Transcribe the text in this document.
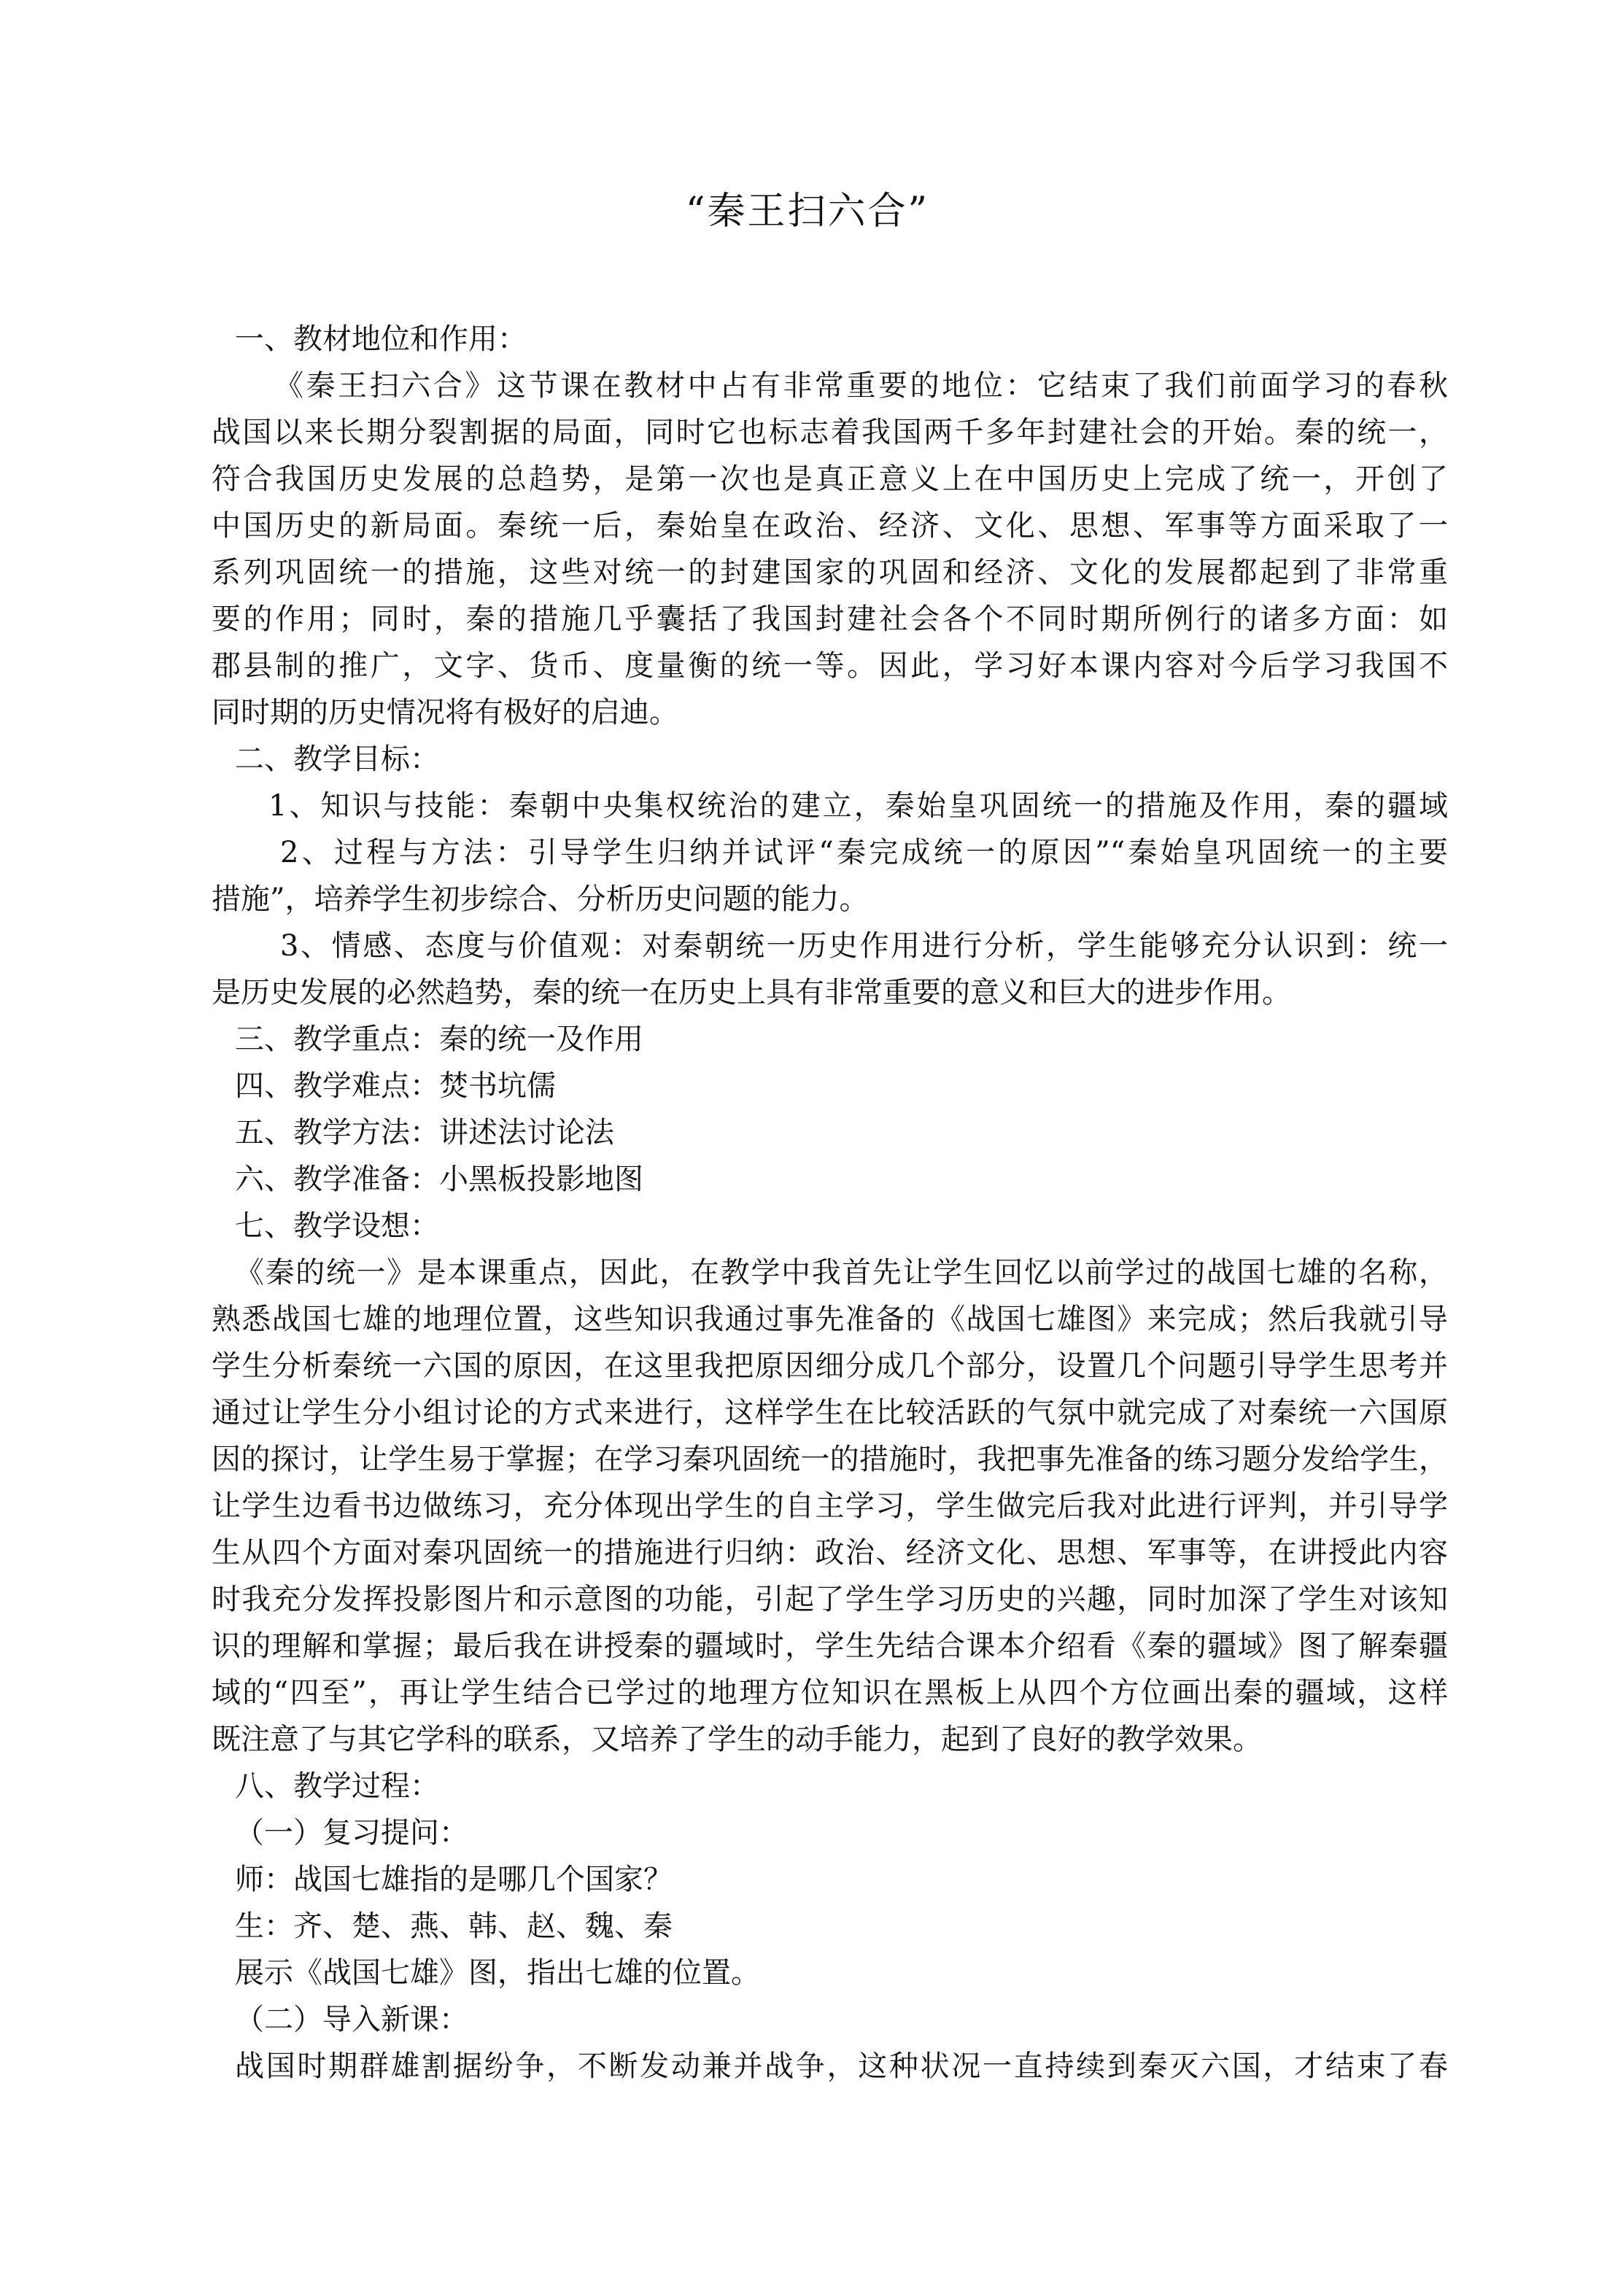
“秦王扫六合”
一、教材地位和作用：
《秦王扫六合》这节课在教材中占有非常重要的地位：它结束了我们前面学习的春秋
战国以来长期分裂割据的局面，同时它也标志着我国两千多年封建社会的开始。秦的统一，
符合我国历史发展的总趋势，是第一次也是真正意义上在中国历史上完成了统一，开创了
中国历史的新局面。秦统一后，秦始皇在政治、经济、文化、思想、军事等方面采取了一
系列巩固统一的措施，这些对统一的封建国家的巩固和经济、文化的发展都起到了非常重
要的作用；同时，秦的措施几乎囊括了我国封建社会各个不同时期所例行的诸多方面：如
郡县制的推广，文字、货币、度量衡的统一等。因此，学习好本课内容对今后学习我国不
同时期的历史情况将有极好的启迪。
二、教学目标：
1、知识与技能：秦朝中央集权统治的建立，秦始皇巩固统一的措施及作用，秦的疆域
2、过程与方法：引导学生归纳并试评“秦完成统一的原因”“秦始皇巩固统一的主要
措施”，培养学生初步综合、分析历史问题的能力。
3、情感、态度与价值观：对秦朝统一历史作用进行分析，学生能够充分认识到：统一
是历史发展的必然趋势，秦的统一在历史上具有非常重要的意义和巨大的进步作用。
三、教学重点：秦的统一及作用
四、教学难点：焚书坑儒
五、教学方法：讲述法讨论法
六、教学准备：小黑板投影地图
七、教学设想：
《秦的统一》是本课重点，因此，在教学中我首先让学生回忆以前学过的战国七雄的名称，
熟悉战国七雄的地理位置，这些知识我通过事先准备的《战国七雄图》来完成；然后我就引导
学生分析秦统一六国的原因，在这里我把原因细分成几个部分，设置几个问题引导学生思考并
通过让学生分小组讨论的方式来进行，这样学生在比较活跃的气氛中就完成了对秦统一六国原
因的探讨，让学生易于掌握；在学习秦巩固统一的措施时，我把事先准备的练习题分发给学生，
让学生边看书边做练习，充分体现出学生的自主学习，学生做完后我对此进行评判，并引导学
生从四个方面对秦巩固统一的措施进行归纳：政治、经济文化、思想、军事等，在讲授此内容
时我充分发挥投影图片和示意图的功能，引起了学生学习历史的兴趣，同时加深了学生对该知
识的理解和掌握；最后我在讲授秦的疆域时，学生先结合课本介绍看《秦的疆域》图了解秦疆
域的“四至”，再让学生结合已学过的地理方位知识在黑板上从四个方位画出秦的疆域，这样
既注意了与其它学科的联系，又培养了学生的动手能力，起到了良好的教学效果。
八、教学过程：
（一）复习提问：
师：战国七雄指的是哪几个国家？
生：齐、楚、燕、韩、赵、魏、秦
展示《战国七雄》图，指出七雄的位置。
（二）导入新课：
战国时期群雄割据纷争，不断发动兼并战争，这种状况一直持续到秦灭六国，才结束了春
